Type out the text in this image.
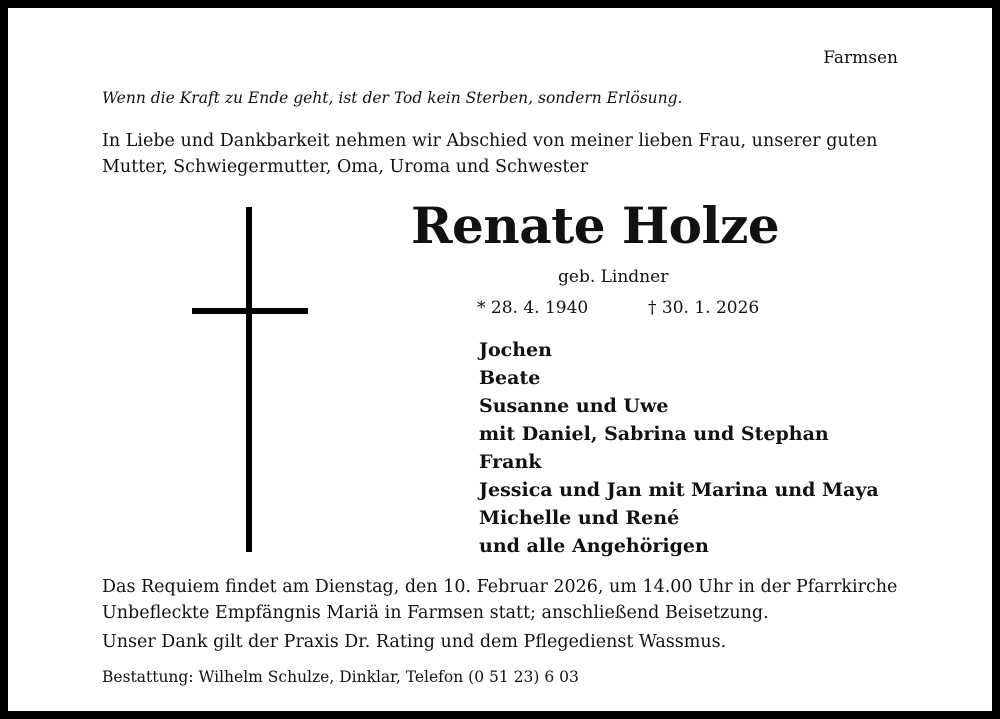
Farmsen
Wenn die Kraft zu Ende geht, ist der Tod kein Sterben, sondern Erlösung.
In Liebe und Dankbarkeit nehmen wir Abschied von meiner lieben Frau, unserer guten
Mutter, Schwiegermutter, Oma, Uroma und Schwester
Renate Holze
geb. Lindner
* 28. 4. 1940	† 30. 1. 2026
Jochen
Beate
Susanne und Uwe
mit Daniel, Sabrina und Stephan
Frank
Jessica und Jan mit Marina und Maya
Michelle und René
und alle Angehörigen
Das Requiem findet am Dienstag, den 10. Februar 2026, um 14.00 Uhr in der Pfarrkirche
Unbefleckte Empfängnis Mariä in Farmsen statt; anschließend Beisetzung.
Unser Dank gilt der Praxis Dr. Rating und dem Pflegedienst Wassmus.
Bestattung: Wilhelm Schulze, Dinklar, Telefon (0 51 23) 6 03
